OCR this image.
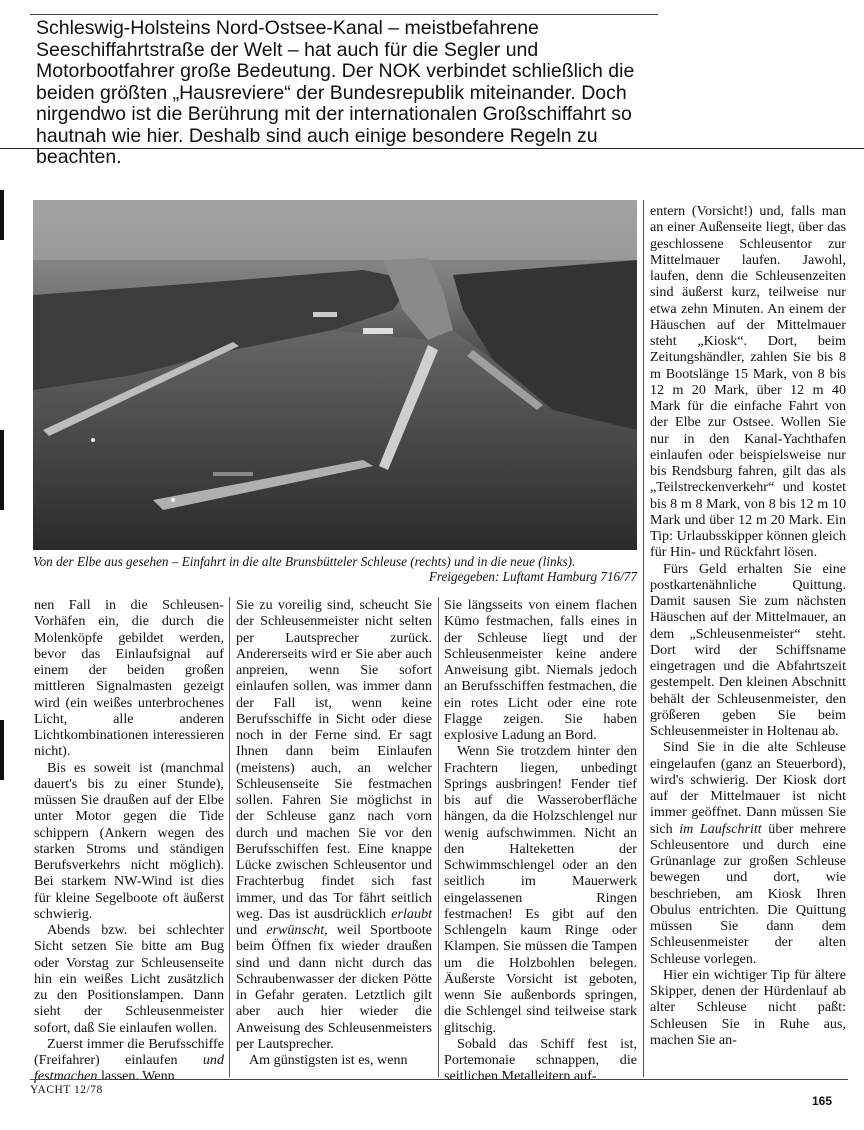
Schleswig-Holsteins Nord-Ostsee-Kanal – meistbefahrene Seeschiffahrtstraße der Welt – hat auch für die Segler und Motorbootfahrer große Bedeutung. Der NOK verbindet schließlich die beiden größten „Hausreviere“ der Bundesrepublik miteinander. Doch nirgendwo ist die Berührung mit der internationalen Großschiffahrt so hautnah wie hier. Deshalb sind auch einige besondere Regeln zu beachten.
Von der Elbe aus gesehen – Einfahrt in die alte Brunsbütteler Schleuse (rechts) und in die neue (links).
Freigegeben: Luftamt Hamburg 716/77

nen Fall in die Schleusen-Vorhäfen ein, die durch die Molenköpfe gebildet werden, bevor das Einlaufsignal auf einem der beiden großen mittleren Signalmasten gezeigt wird (ein weißes unterbrochenes Licht, alle anderen Lichtkombinationen interessieren nicht).

Bis es soweit ist (manchmal dauert's bis zu einer Stunde), müssen Sie draußen auf der Elbe unter Motor gegen die Tide schippern (Ankern wegen des starken Stroms und ständigen Berufsverkehrs nicht möglich). Bei starkem NW-Wind ist dies für kleine Segelboote oft äußerst schwierig.

Abends bzw. bei schlechter Sicht setzen Sie bitte am Bug oder Vorstag zur Schleusenseite hin ein weißes Licht zusätzlich zu den Positionslampen. Dann sieht der Schleusenmeister sofort, daß Sie einlaufen wollen.

Zuerst immer die Berufsschiffe (Freifahrer) einlaufen und festmachen lassen. Wenn

Sie zu voreilig sind, scheucht Sie der Schleusenmeister nicht selten per Lautsprecher zurück. Andererseits wird er Sie aber auch anpreien, wenn Sie sofort einlaufen sollen, was immer dann der Fall ist, wenn keine Berufsschiffe in Sicht oder diese noch in der Ferne sind. Er sagt Ihnen dann beim Einlaufen (meistens) auch, an welcher Schleusenseite Sie festmachen sollen. Fahren Sie möglichst in der Schleuse ganz nach vorn durch und machen Sie vor den Berufsschiffen fest. Eine knappe Lücke zwischen Schleusentor und Frachterbug findet sich fast immer, und das Tor fährt seitlich weg. Das ist ausdrücklich erlaubt und erwünscht, weil Sportboote beim Öffnen fix wieder draußen sind und dann nicht durch das Schraubenwasser der dicken Pötte in Gefahr geraten. Letztlich gilt aber auch hier wieder die Anweisung des Schleusenmeisters per Lautsprecher.

Am günstigsten ist es, wenn

Sie längsseits von einem flachen Kümo festmachen, falls eines in der Schleuse liegt und der Schleusenmeister keine andere Anweisung gibt. Niemals jedoch an Berufsschiffen festmachen, die ein rotes Licht oder eine rote Flagge zeigen. Sie haben explosive Ladung an Bord.

Wenn Sie trotzdem hinter den Frachtern liegen, unbedingt Springs ausbringen! Fender tief bis auf die Wasseroberfläche hängen, da die Holzschlengel nur wenig aufschwimmen. Nicht an den Halteketten der Schwimmschlengel oder an den seitlich im Mauerwerk eingelassenen Ringen festmachen! Es gibt auf den Schlengeln kaum Ringe oder Klampen. Sie müssen die Tampen um die Holzbohlen belegen. Äußerste Vorsicht ist geboten, wenn Sie außenbords springen, die Schlengel sind teilweise stark glitschig.

Sobald das Schiff fest ist, Portemonaie schnappen, die seitlichen Metalleitern auf-

entern (Vorsicht!) und, falls man an einer Außenseite liegt, über das geschlossene Schleusentor zur Mittelmauer laufen. Jawohl, laufen, denn die Schleusenzeiten sind äußerst kurz, teilweise nur etwa zehn Minuten. An einem der Häuschen auf der Mittelmauer steht „Kiosk“. Dort, beim Zeitungshändler, zahlen Sie bis 8 m Bootslänge 15 Mark, von 8 bis 12 m 20 Mark, über 12 m 40 Mark für die einfache Fahrt von der Elbe zur Ostsee. Wollen Sie nur in den Kanal-Yachthafen einlaufen oder beispielsweise nur bis Rendsburg fahren, gilt das als „Teilstreckenverkehr“ und kostet bis 8 m 8 Mark, von 8 bis 12 m 10 Mark und über 12 m 20 Mark. Ein Tip: Urlaubsskipper können gleich für Hin- und Rückfahrt lösen.

Fürs Geld erhalten Sie eine postkartenähnliche Quittung. Damit sausen Sie zum nächsten Häuschen auf der Mittelmauer, an dem „Schleusenmeister“ steht. Dort wird der Schiffsname eingetragen und die Abfahrtszeit gestempelt. Den kleinen Abschnitt behält der Schleusenmeister, den größeren geben Sie beim Schleusenmeister in Holtenau ab.

Sind Sie in die alte Schleuse eingelaufen (ganz an Steuerbord), wird's schwierig. Der Kiosk dort auf der Mittelmauer ist nicht immer geöffnet. Dann müssen Sie sich im Laufschritt über mehrere Schleusentore und durch eine Grünanlage zur großen Schleuse bewegen und dort, wie beschrieben, am Kiosk Ihren Obulus entrichten. Die Quittung müssen Sie dann dem Schleusenmeister der alten Schleuse vorlegen.

Hier ein wichtiger Tip für ältere Skipper, denen der Hürdenlauf ab alter Schleuse nicht paßt: Schleusen Sie in Ruhe aus, machen Sie an-

YACHT 12/78
165
